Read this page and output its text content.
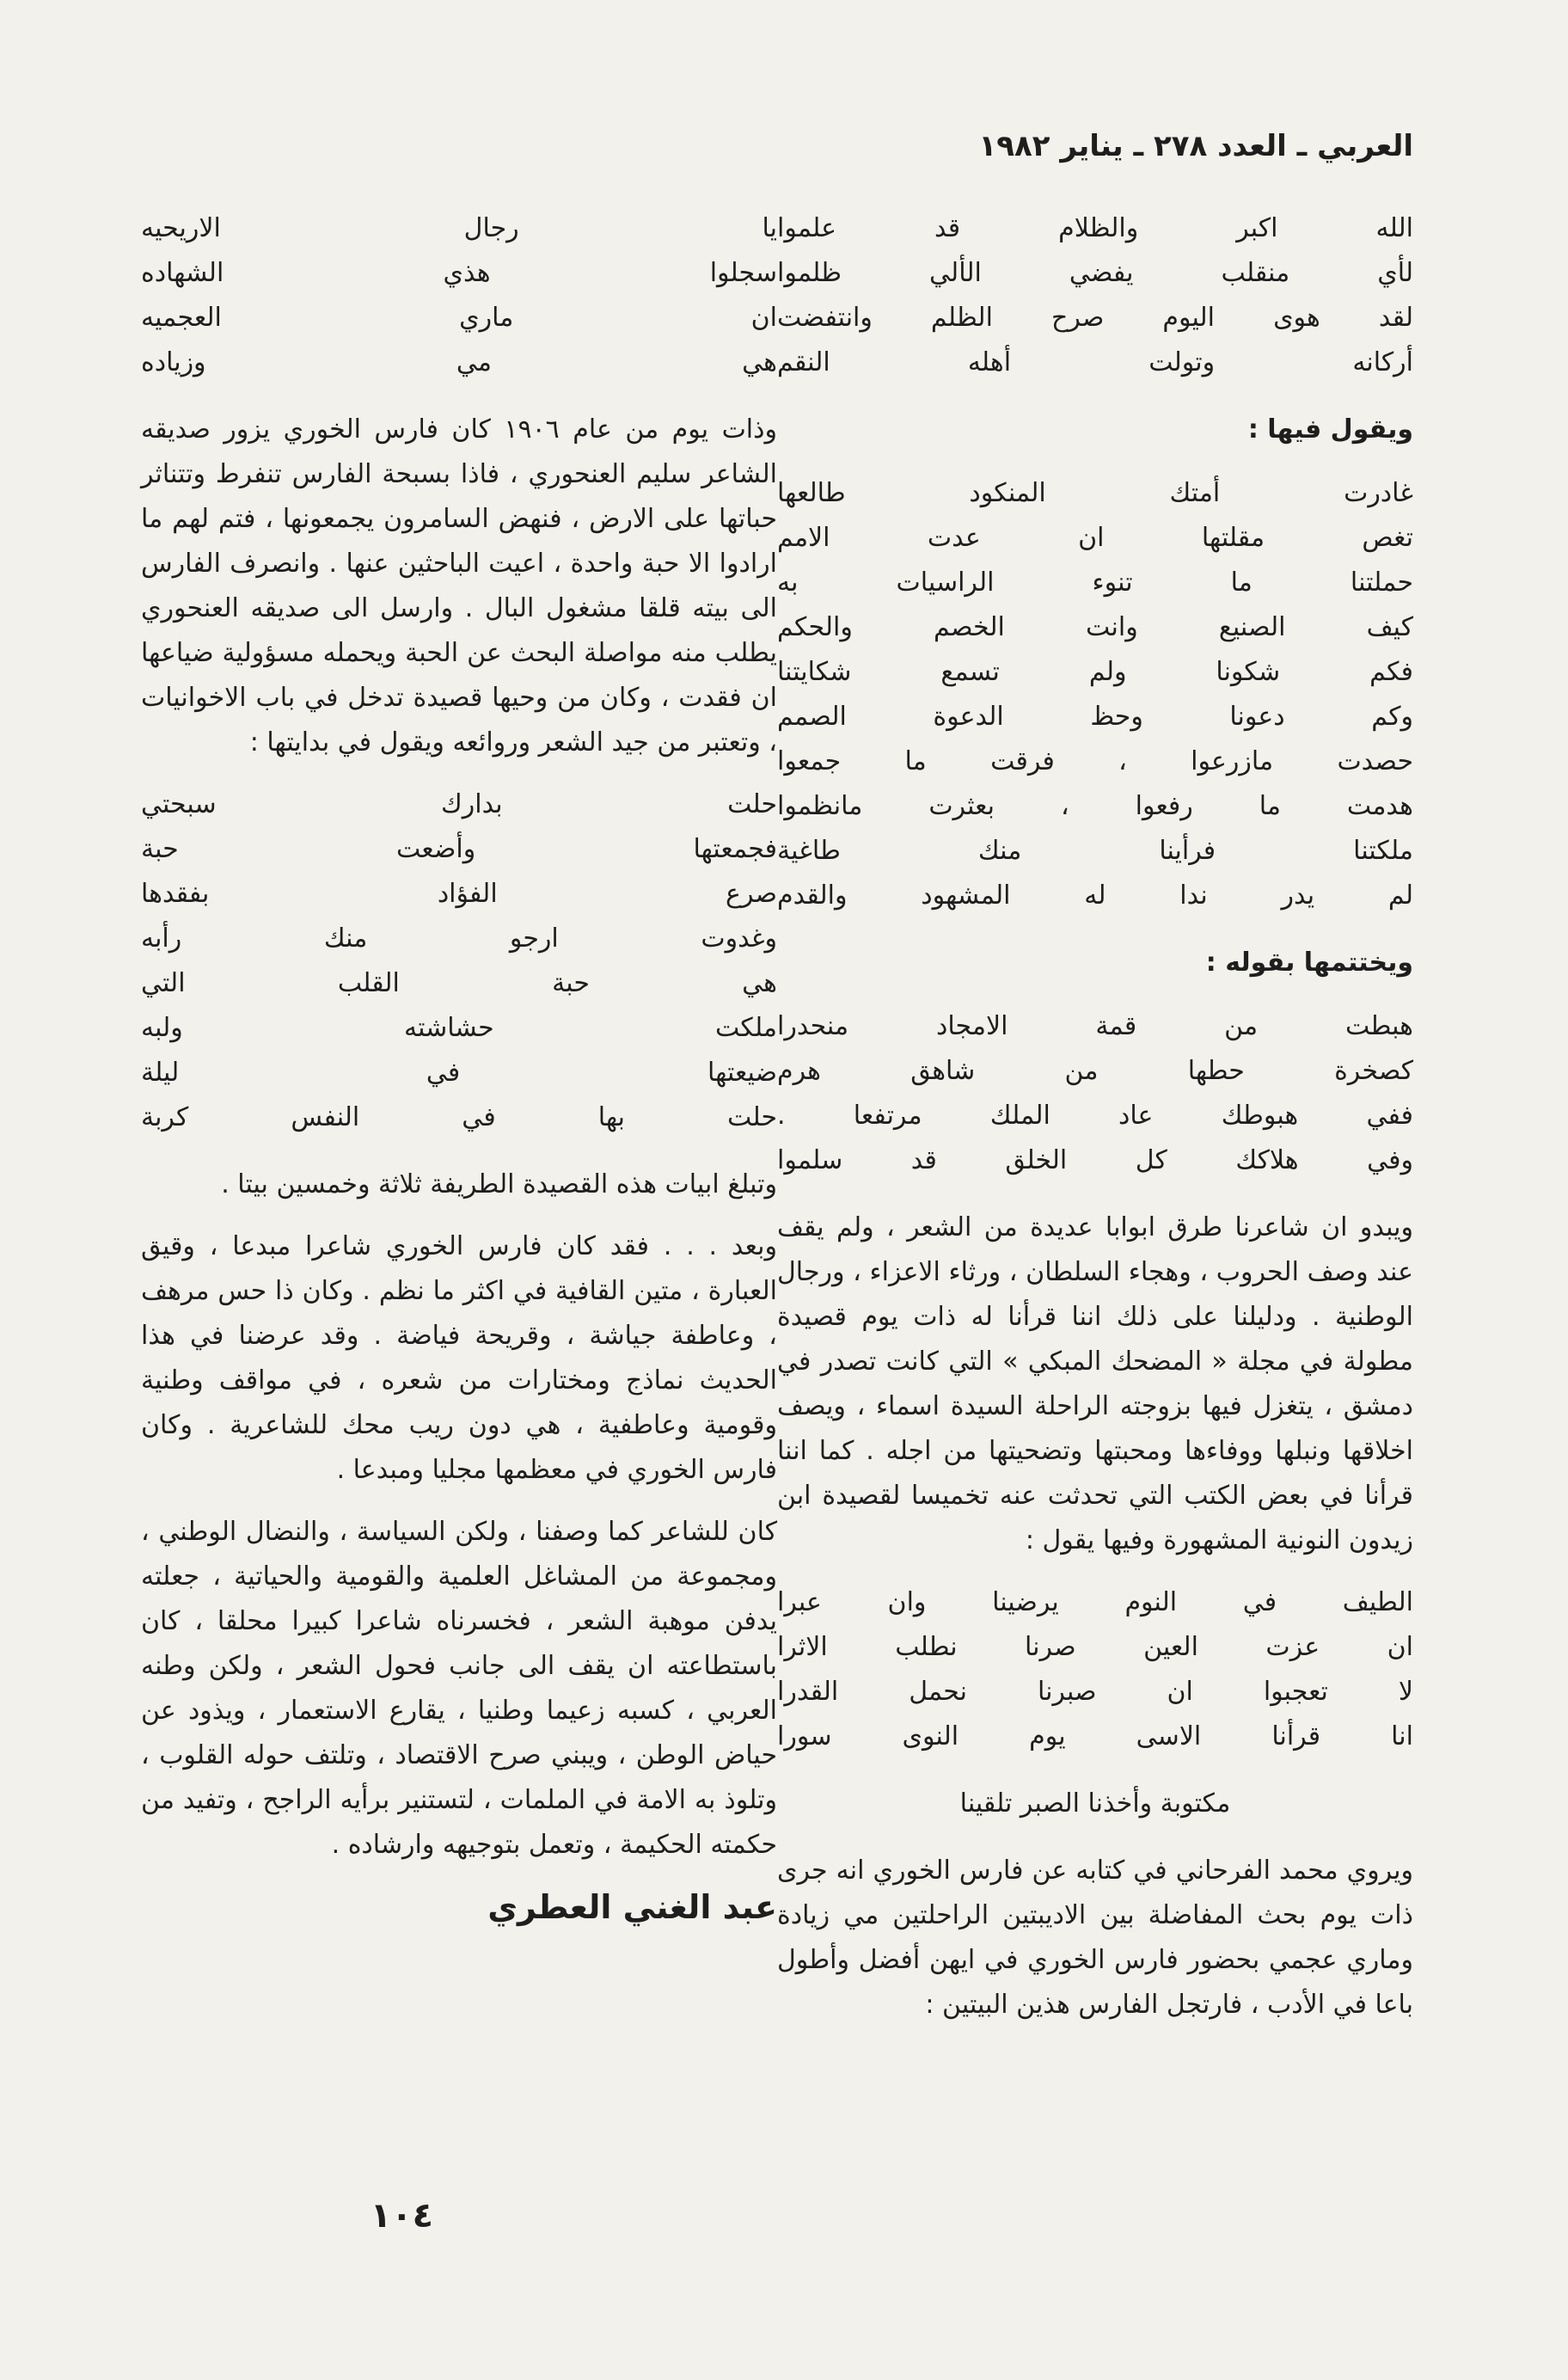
العربي ـ العدد ٢٧٨ ـ يناير ١٩٨٢
الله اكبر والظلام قد علموا
لأي منقلب يفضي الألي ظلموا
لقد هوى اليوم صرح الظلم وانتفضت
أركانه وتولت أهله النقم
ويقول فيها :
غادرت أمتك المنكود طالعها
تغص مقلتها ان عدت الامم
حملتنا ما تنوء الراسيات به
كيف الصنيع وانت الخصم والحكم
فكم شكونا ولم تسمع شكايتنا
وكم دعونا وحظ الدعوة الصمم
حصدت مازرعوا ، فرقت ما جمعوا
هدمت ما رفعوا ، بعثرت مانظموا
ملكتنا فرأينا منك طاغية
لم يدر ندا له المشهود والقدم
ويختتمها بقوله :
هبطت من قمة الامجاد منحدرا
كصخرة حطها من شاهق هرم
ففي هبوطك عاد الملك مرتفعا .
وفي هلاكك كل الخلق قد سلموا

ويبدو ان شاعرنا طرق ابوابا عديدة من الشعر ، ولم يقف عند وصف الحروب ، وهجاء السلطان ، ورثاء الاعزاء ، ورجال الوطنية . ودليلنا على ذلك اننا قرأنا له ذات يوم قصيدة مطولة في مجلة « المضحك المبكي » التي كانت تصدر في دمشق ، يتغزل فيها بزوجته الراحلة السيدة اسماء ، ويصف اخلاقها ونبلها ووفاءها ومحبتها وتضحيتها من اجله . كما اننا قرأنا في بعض الكتب التي تحدثت عنه تخميسا لقصيدة ابن زيدون النونية المشهورة وفيها يقول :

الطيف في النوم يرضينا وان عبرا
ان عزت العين صرنا نطلب الاثرا
لا تعجبوا ان صبرنا نحمل القدرا
انا قرأنا الاسى يوم النوى سورا
مكتوبة وأخذنا الصبر تلقينا

ويروي محمد الفرحاني في كتابه عن فارس الخوري انه جرى ذات يوم بحث المفاضلة بين الاديبتين الراحلتين مي زيادة وماري عجمي بحضور فارس الخوري في ايهن أفضل وأطول باعا في الأدب ، فارتجل الفارس هذين البيتين :

يا رجال الاريحيه
سجلوا هذي الشهاده
ان ماري العجميه
هي مي وزياده

وذات يوم من عام ١٩٠٦ كان فارس الخوري يزور صديقه الشاعر سليم العنحوري ، فاذا بسبحة الفارس تنفرط وتتناثر حباتها على الارض ، فنهض السامرون يجمعونها ، فتم لهم ما ارادوا الا حبة واحدة ، اعيت الباحثين عنها . وانصرف الفارس الى بيته قلقا مشغول البال . وارسل الى صديقه العنحوري يطلب منه مواصلة البحث عن الحبة ويحمله مسؤولية ضياعها ان فقدت ، وكان من وحيها قصيدة تدخل في باب الاخوانيات ، وتعتبر من جيد الشعر وروائعه ويقول في بدايتها :

حلت بدارك سبحتي
فجمعتها وأضعت حبة
صرع الفؤاد بفقدها
وغدوت ارجو منك رأبه
هي حبة القلب التي
ملكت حشاشته ولبه
ضيعتها في ليلة
حلت بها في النفس كربة

وتبلغ ابيات هذه القصيدة الطريفة ثلاثة وخمسين بيتا .

وبعد . . . فقد كان فارس الخوري شاعرا مبدعا ، وقيق العبارة ، متين القافية في اكثر ما نظم . وكان ذا حس مرهف ، وعاطفة جياشة ، وقريحة فياضة . وقد عرضنا في هذا الحديث نماذج ومختارات من شعره ، في مواقف وطنية وقومية وعاطفية ، هي دون ريب محك للشاعرية . وكان فارس الخوري في معظمها مجليا ومبدعا .

كان للشاعر كما وصفنا ، ولكن السياسة ، والنضال الوطني ، ومجموعة من المشاغل العلمية والقومية والحياتية ، جعلته يدفن موهبة الشعر ، فخسرناه شاعرا كبيرا محلقا ، كان باستطاعته ان يقف الى جانب فحول الشعر ، ولكن وطنه العربي ، كسبه زعيما وطنيا ، يقارع الاستعمار ، ويذود عن حياض الوطن ، ويبني صرح الاقتصاد ، وتلتف حوله القلوب ، وتلوذ به الامة في الملمات ، لتستنير برأيه الراجح ، وتفيد من حكمته الحكيمة ، وتعمل بتوجيهه وارشاده .

عبد الغني العطري
١٠٤
